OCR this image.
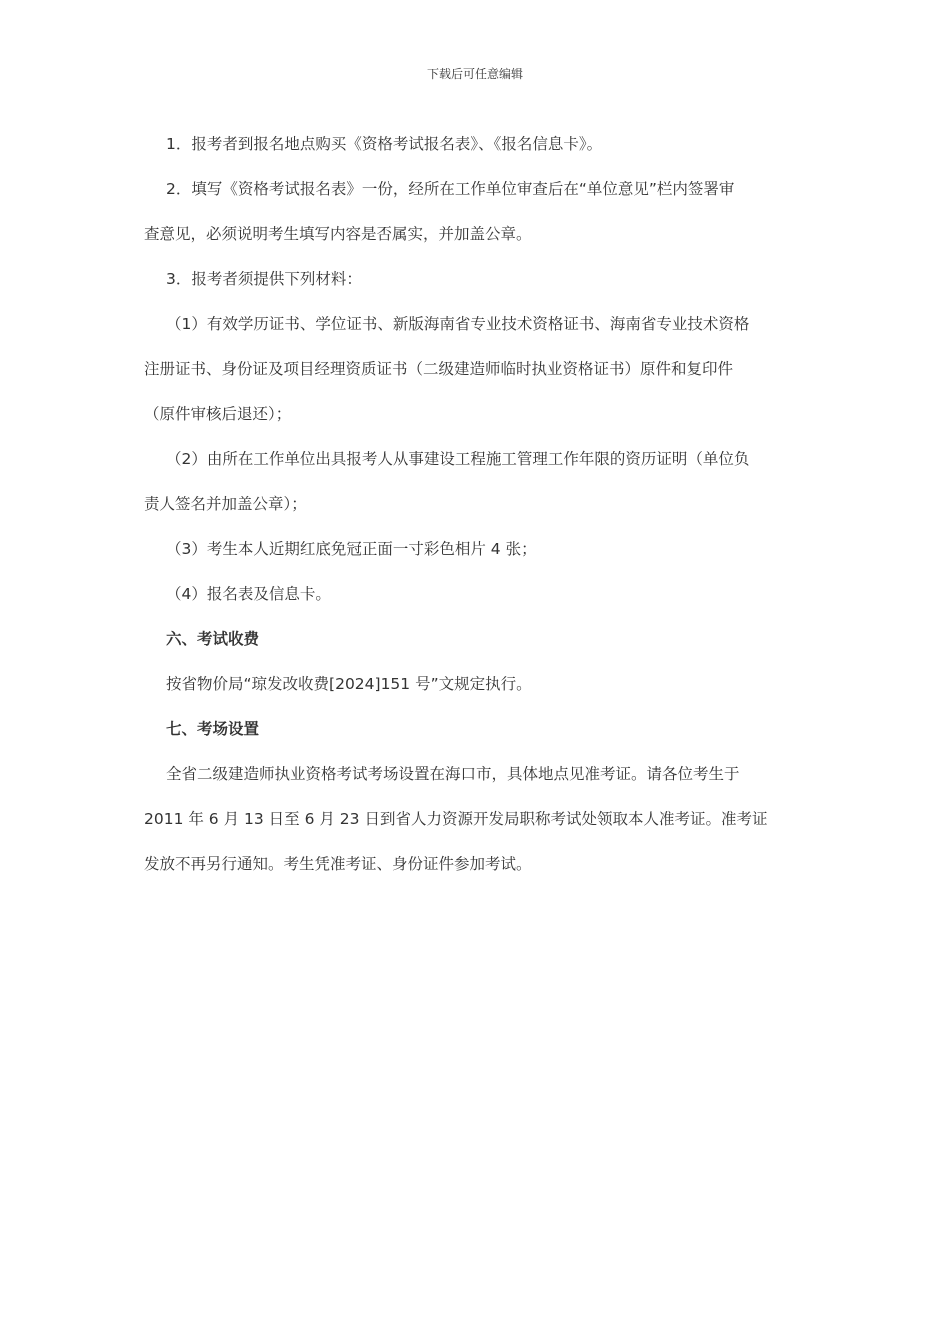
下载后可任意编辑

1．报考者到报名地点购买《资格考试报名表》、《报名信息卡》。

2．填写《资格考试报名表》一份，经所在工作单位审查后在“单位意见”栏内签署审

查意见，必须说明考生填写内容是否属实，并加盖公章。

3．报考者须提供下列材料：

（1）有效学历证书、学位证书、新版海南省专业技术资格证书、海南省专业技术资格

注册证书、身份证及项目经理资质证书（二级建造师临时执业资格证书）原件和复印件

（原件审核后退还）；

（2）由所在工作单位出具报考人从事建设工程施工管理工作年限的资历证明（单位负

责人签名并加盖公章）；

（3）考生本人近期红底免冠正面一寸彩色相片 4 张；

（4）报名表及信息卡。

六、考试收费

按省物价局“琼发改收费[2024]151 号”文规定执行。

七、考场设置

全省二级建造师执业资格考试考场设置在海口市，具体地点见准考证。请各位考生于

2011 年 6 月 13 日至 6 月 23 日到省人力资源开发局职称考试处领取本人准考证。准考证

发放不再另行通知。考生凭准考证、身份证件参加考试。
